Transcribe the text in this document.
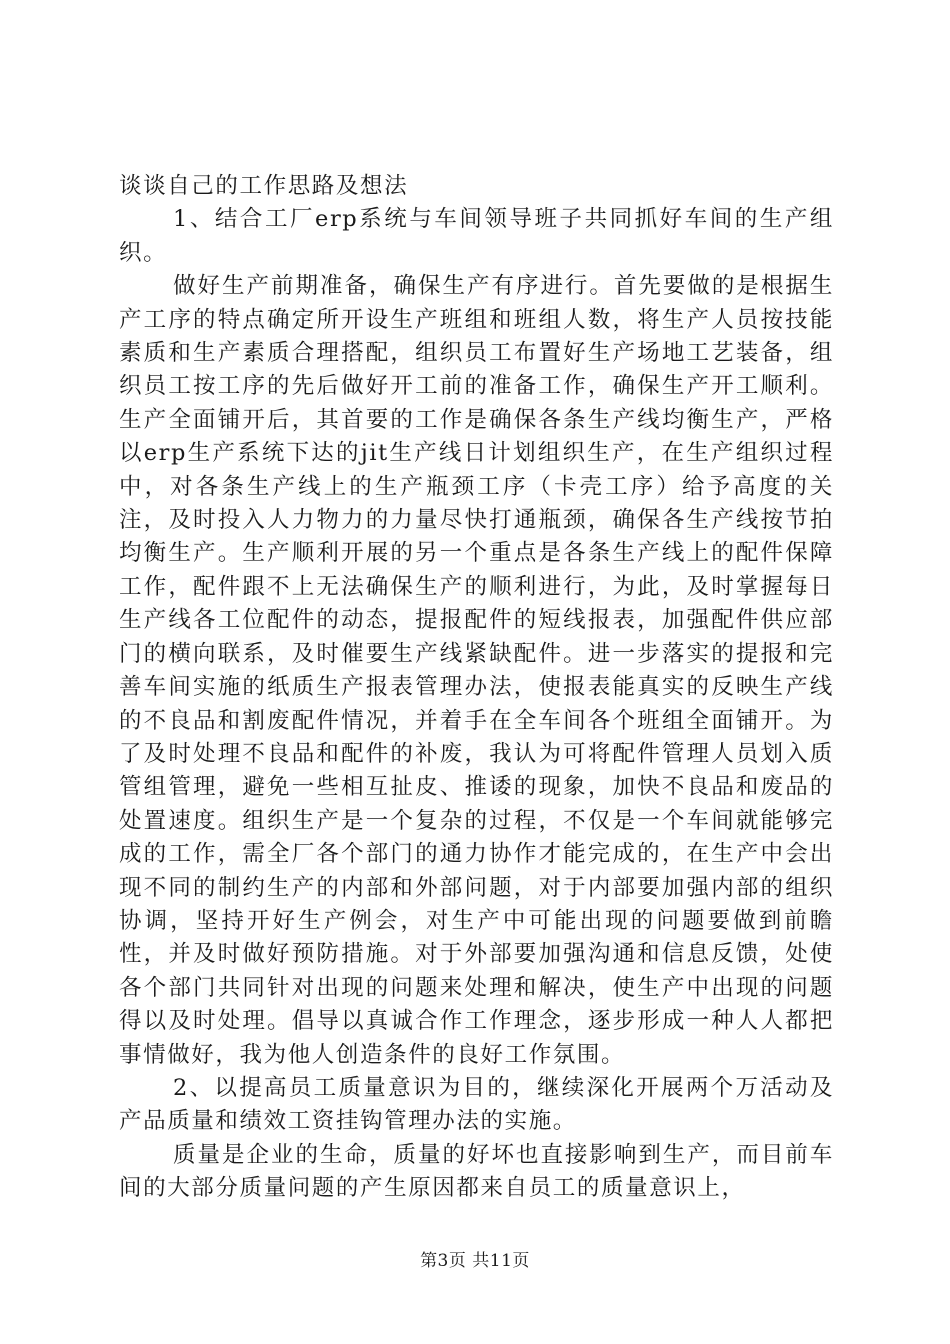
谈谈自己的工作思路及想法

1、结合工厂erp系统与车间领导班子共同抓好车间的生产组织。

做好生产前期准备，确保生产有序进行。首先要做的是根据生产工序的特点确定所开设生产班组和班组人数，将生产人员按技能素质和生产素质合理搭配，组织员工布置好生产场地工艺装备，组织员工按工序的先后做好开工前的准备工作，确保生产开工顺利。生产全面铺开后，其首要的工作是确保各条生产线均衡生产，严格以erp生产系统下达的jit生产线日计划组织生产，在生产组织过程中，对各条生产线上的生产瓶颈工序（卡壳工序）给予高度的关注，及时投入人力物力的力量尽快打通瓶颈，确保各生产线按节拍均衡生产。生产顺利开展的另一个重点是各条生产线上的配件保障工作，配件跟不上无法确保生产的顺利进行，为此，及时掌握每日生产线各工位配件的动态，提报配件的短线报表，加强配件供应部门的横向联系，及时催要生产线紧缺配件。进一步落实的提报和完善车间实施的纸质生产报表管理办法，使报表能真实的反映生产线的不良品和割废配件情况，并着手在全车间各个班组全面铺开。为了及时处理不良品和配件的补废，我认为可将配件管理人员划入质管组管理，避免一些相互扯皮、推诿的现象，加快不良品和废品的处置速度。组织生产是一个复杂的过程，不仅是一个车间就能够完成的工作，需全厂各个部门的通力协作才能完成的，在生产中会出现不同的制约生产的内部和外部问题，对于内部要加强内部的组织协调，坚持开好生产例会，对生产中可能出现的问题要做到前瞻性，并及时做好预防措施。对于外部要加强沟通和信息反馈，处使各个部门共同针对出现的问题来处理和解决，使生产中出现的问题得以及时处理。倡导以真诚合作工作理念，逐步形成一种人人都把事情做好，我为他人创造条件的良好工作氛围。

2、以提高员工质量意识为目的，继续深化开展两个万活动及产品质量和绩效工资挂钩管理办法的实施。

质量是企业的生命，质量的好坏也直接影响到生产，而目前车间的大部分质量问题的产生原因都来自员工的质量意识上，

第3页 共11页
